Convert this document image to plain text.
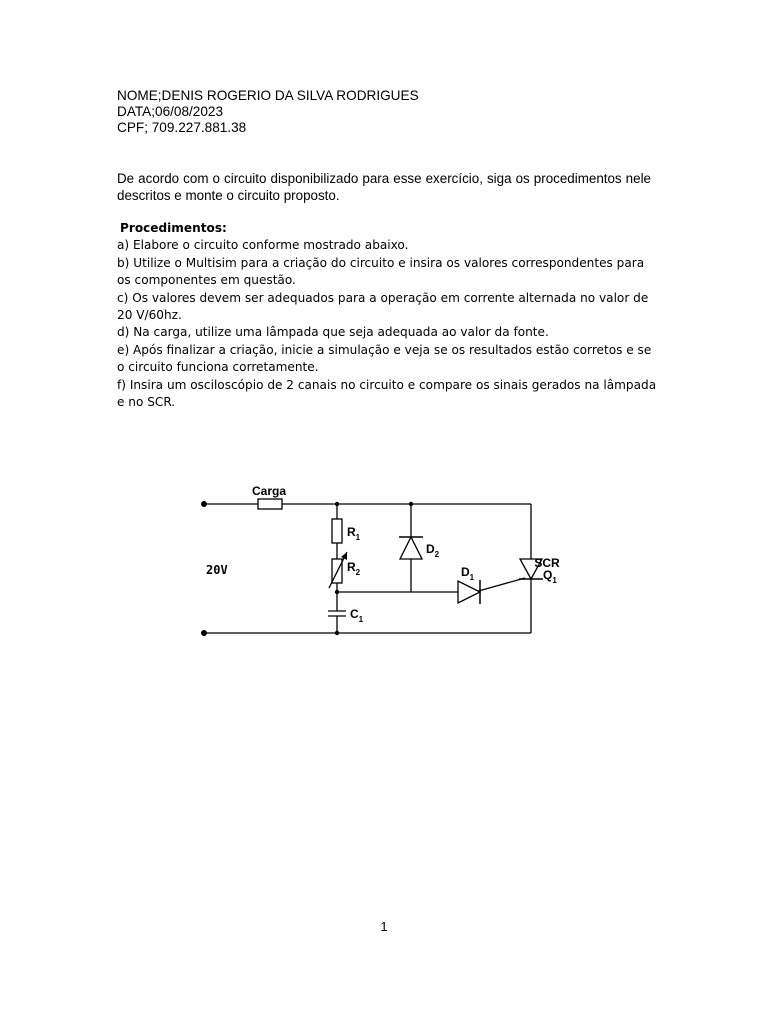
NOME;DENIS ROGERIO DA SILVA RODRIGUES
DATA;06/08/2023
CPF; 709.227.881.38
De acordo com o circuito disponibilizado para esse exercício, siga os procedimentos nele descritos e monte o circuito proposto.
Procedimentos:
a) Elabore o circuito conforme mostrado abaixo.
b) Utilize o Multisim para a criação do circuito e insira os valores correspondentes para os componentes em questão.
c) Os valores devem ser adequados para a operação em corrente alternada no valor de 20 V/60hz.
d) Na carga, utilize uma lâmpada que seja adequada ao valor da fonte.
e) Após finalizar a criação, inicie a simulação e veja se os resultados estão corretos e se o circuito funciona corretamente.
f) Insira um osciloscópio de 2 canais no circuito e compare os sinais gerados na lâmpada e no SCR.
Carga
20V
$R_1$
$R_2$
$C_1$
$D_2$
$D_1$
SCR
$Q_1$
1
